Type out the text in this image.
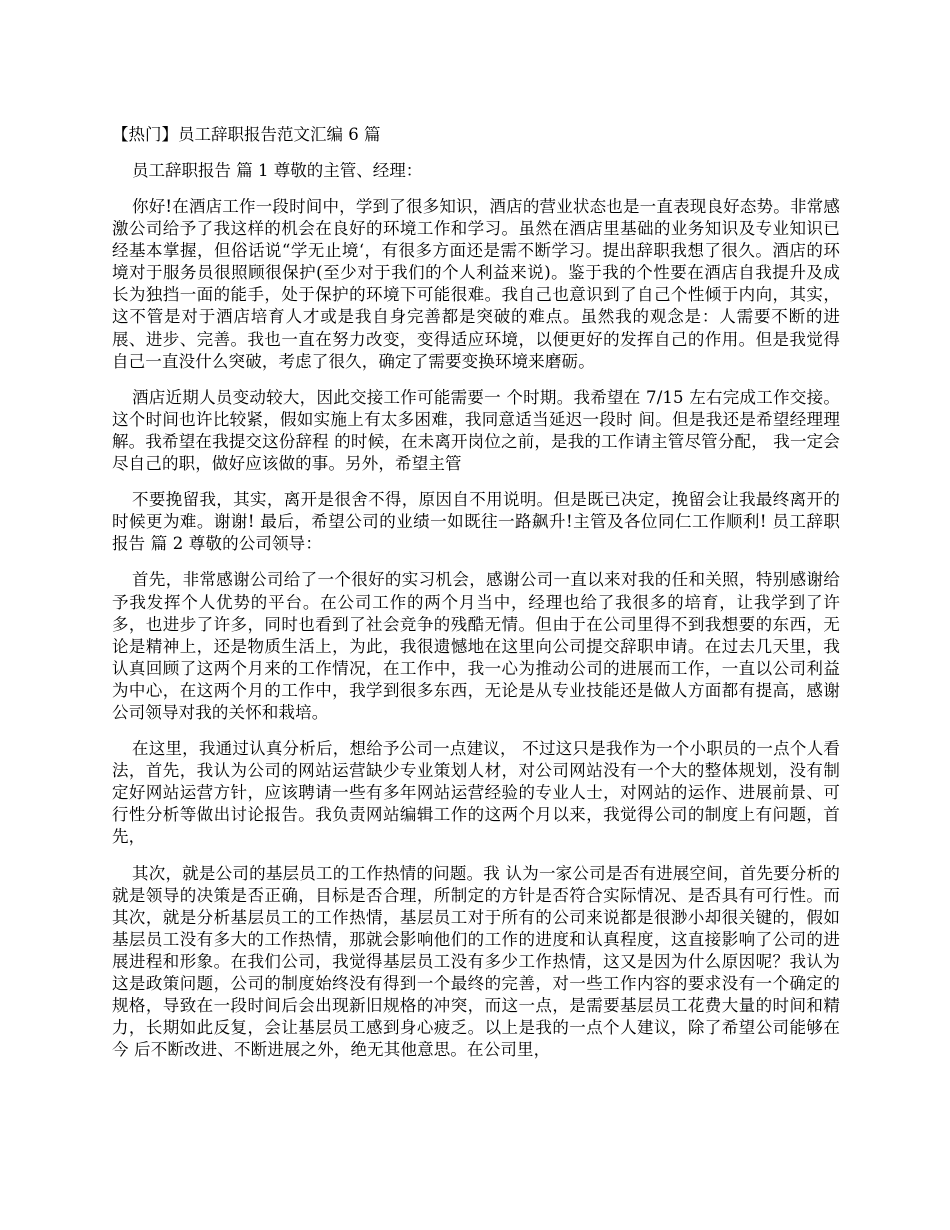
【热门】员工辞职报告范文汇编 6 篇

员工辞职报告 篇 1 尊敬的主管、经理：

你好!在酒店工作一段时间中，学到了很多知识，酒店的营业状态也是一直表现良好态势。非常感激公司给予了我这样的机会在良好的环境工作和学习。虽然在酒店里基础的业务知识及专业知识已经基本掌握，但俗话说“学无止境‘，有很多方面还是需不断学习。提出辞职我想了很久。酒店的环境对于服务员很照顾很保护(至少对于我们的个人利益来说)。鉴于我的个性要在酒店自我提升及成长为独挡一面的能手，处于保护的环境下可能很难。我自己也意识到了自己个性倾于内向，其实，这不管是对于酒店培育人才或是我自身完善都是突破的难点。虽然我的观念是：人需要不断的进展、进步、完善。我也一直在努力改变，变得适应环境，以便更好的发挥自己的作用。但是我觉得自己一直没什么突破，考虑了很久，确定了需要变换环境来磨砺。

酒店近期人员变动较大，因此交接工作可能需要一 个时期。我希望在 7/15 左右完成工作交接。这个时间也许比较紧，假如实施上有太多困难，我同意适当延迟一段时 间。但是我还是希望经理理解。我希望在我提交这份辞程 的时候，在未离开岗位之前，是我的工作请主管尽管分配， 我一定会尽自己的职，做好应该做的事。另外，希望主管

不要挽留我，其实，离开是很舍不得，原因自不用说明。但是既已决定，挽留会让我最终离开的时候更为难。谢谢! 最后，希望公司的业绩一如既往一路飙升!主管及各位同仁工作顺利! 员工辞职报告 篇 2 尊敬的公司领导：

首先，非常感谢公司给了一个很好的实习机会，感谢公司一直以来对我的任和关照，特别感谢给予我发挥个人优势的平台。在公司工作的两个月当中，经理也给了我很多的培育，让我学到了许多，也进步了许多，同时也看到了社会竞争的残酷无情。但由于在公司里得不到我想要的东西，无论是精神上，还是物质生活上，为此，我很遗憾地在这里向公司提交辞职申请。在过去几天里，我认真回顾了这两个月来的工作情况，在工作中，我一心为推动公司的进展而工作，一直以公司利益为中心，在这两个月的工作中，我学到很多东西，无论是从专业技能还是做人方面都有提高，感谢公司领导对我的关怀和栽培。

在这里，我通过认真分析后，想给予公司一点建议， 不过这只是我作为一个小职员的一点个人看法，首先，我认为公司的网站运营缺少专业策划人材，对公司网站没有一个大的整体规划，没有制定好网站运营方针，应该聘请一些有多年网站运营经验的专业人士，对网站的运作、进展前景、可行性分析等做出讨论报告。我负责网站编辑工作的这两个月以来，我觉得公司的制度上有问题，首先，

其次，就是公司的基层员工的工作热情的问题。我 认为一家公司是否有进展空间，首先要分析的就是领导的决策是否正确，目标是否合理，所制定的方针是否符合实际情况、是否具有可行性。而其次，就是分析基层员工的工作热情，基层员工对于所有的公司来说都是很渺小却很关键的，假如基层员工没有多大的工作热情，那就会影响他们的工作的进度和认真程度，这直接影响了公司的进展进程和形象。在我们公司，我觉得基层员工没有多少工作热情，这又是因为什么原因呢？我认为这是政策问题，公司的制度始终没有得到一个最终的完善，对一些工作内容的要求没有一个确定的规格，导致在一段时间后会出现新旧规格的冲突，而这一点，是需要基层员工花费大量的时间和精力，长期如此反复，会让基层员工感到身心疲乏。以上是我的一点个人建议，除了希望公司能够在今 后不断改进、不断进展之外，绝无其他意思。在公司里，
